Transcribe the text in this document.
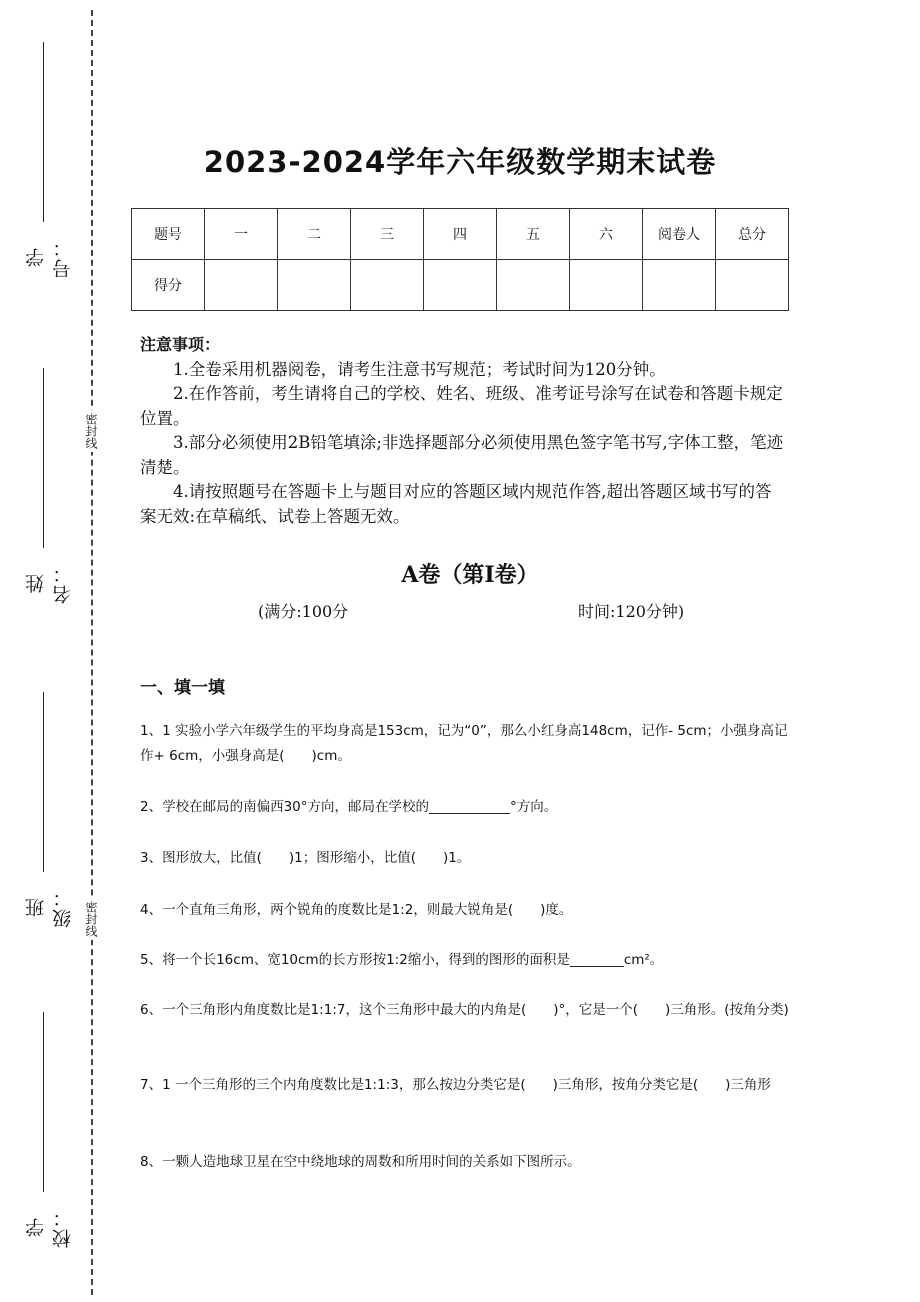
学号：
姓名：
班级：
学校：
密封线
密封线
2023-2024学年六年级数学期末试卷
题号	一	二	三	四	五	六	阅卷人	总分
得分								
注意事项：

1.全卷采用机器阅卷，请考生注意书写规范；考试时间为120分钟。

2.在作答前，考生请将自己的学校、姓名、班级、准考证号涂写在试卷和答题卡规定位置。

3.部分必须使用2B铅笔填涂;非选择题部分必须使用黑色签字笔书写,字体工整，笔迹清楚。

4.请按照题号在答题卡上与题目对应的答题区域内规范作答,超出答题区域书写的答案无效:在草稿纸、试卷上答题无效。

A卷（第I卷）
(满分:100分	时间:120分钟)
一、填一填
1、1 实验小学六年级学生的平均身高是153cm，记为“0”，那么小红身高148cm，记作- 5cm；小强身高记作+ 6cm，小强身高是(　　)cm。
2、学校在邮局的南偏西30°方向，邮局在学校的____________°方向。
3、图形放大，比值(　　)1；图形缩小，比值(　　)1。
4、一个直角三角形，两个锐角的度数比是1:2，则最大锐角是(　　)度。
5、将一个长16cm、宽10cm的长方形按1:2缩小，得到的图形的面积是________cm²。
6、一个三角形内角度数比是1:1:7，这个三角形中最大的内角是(　　)°，它是一个(　　)三角形。(按角分类)
7、1 一个三角形的三个内角度数比是1:1:3，那么按边分类它是(　　)三角形，按角分类它是(　　)三角形
8、一颗人造地球卫星在空中绕地球的周数和所用时间的关系如下图所示。
